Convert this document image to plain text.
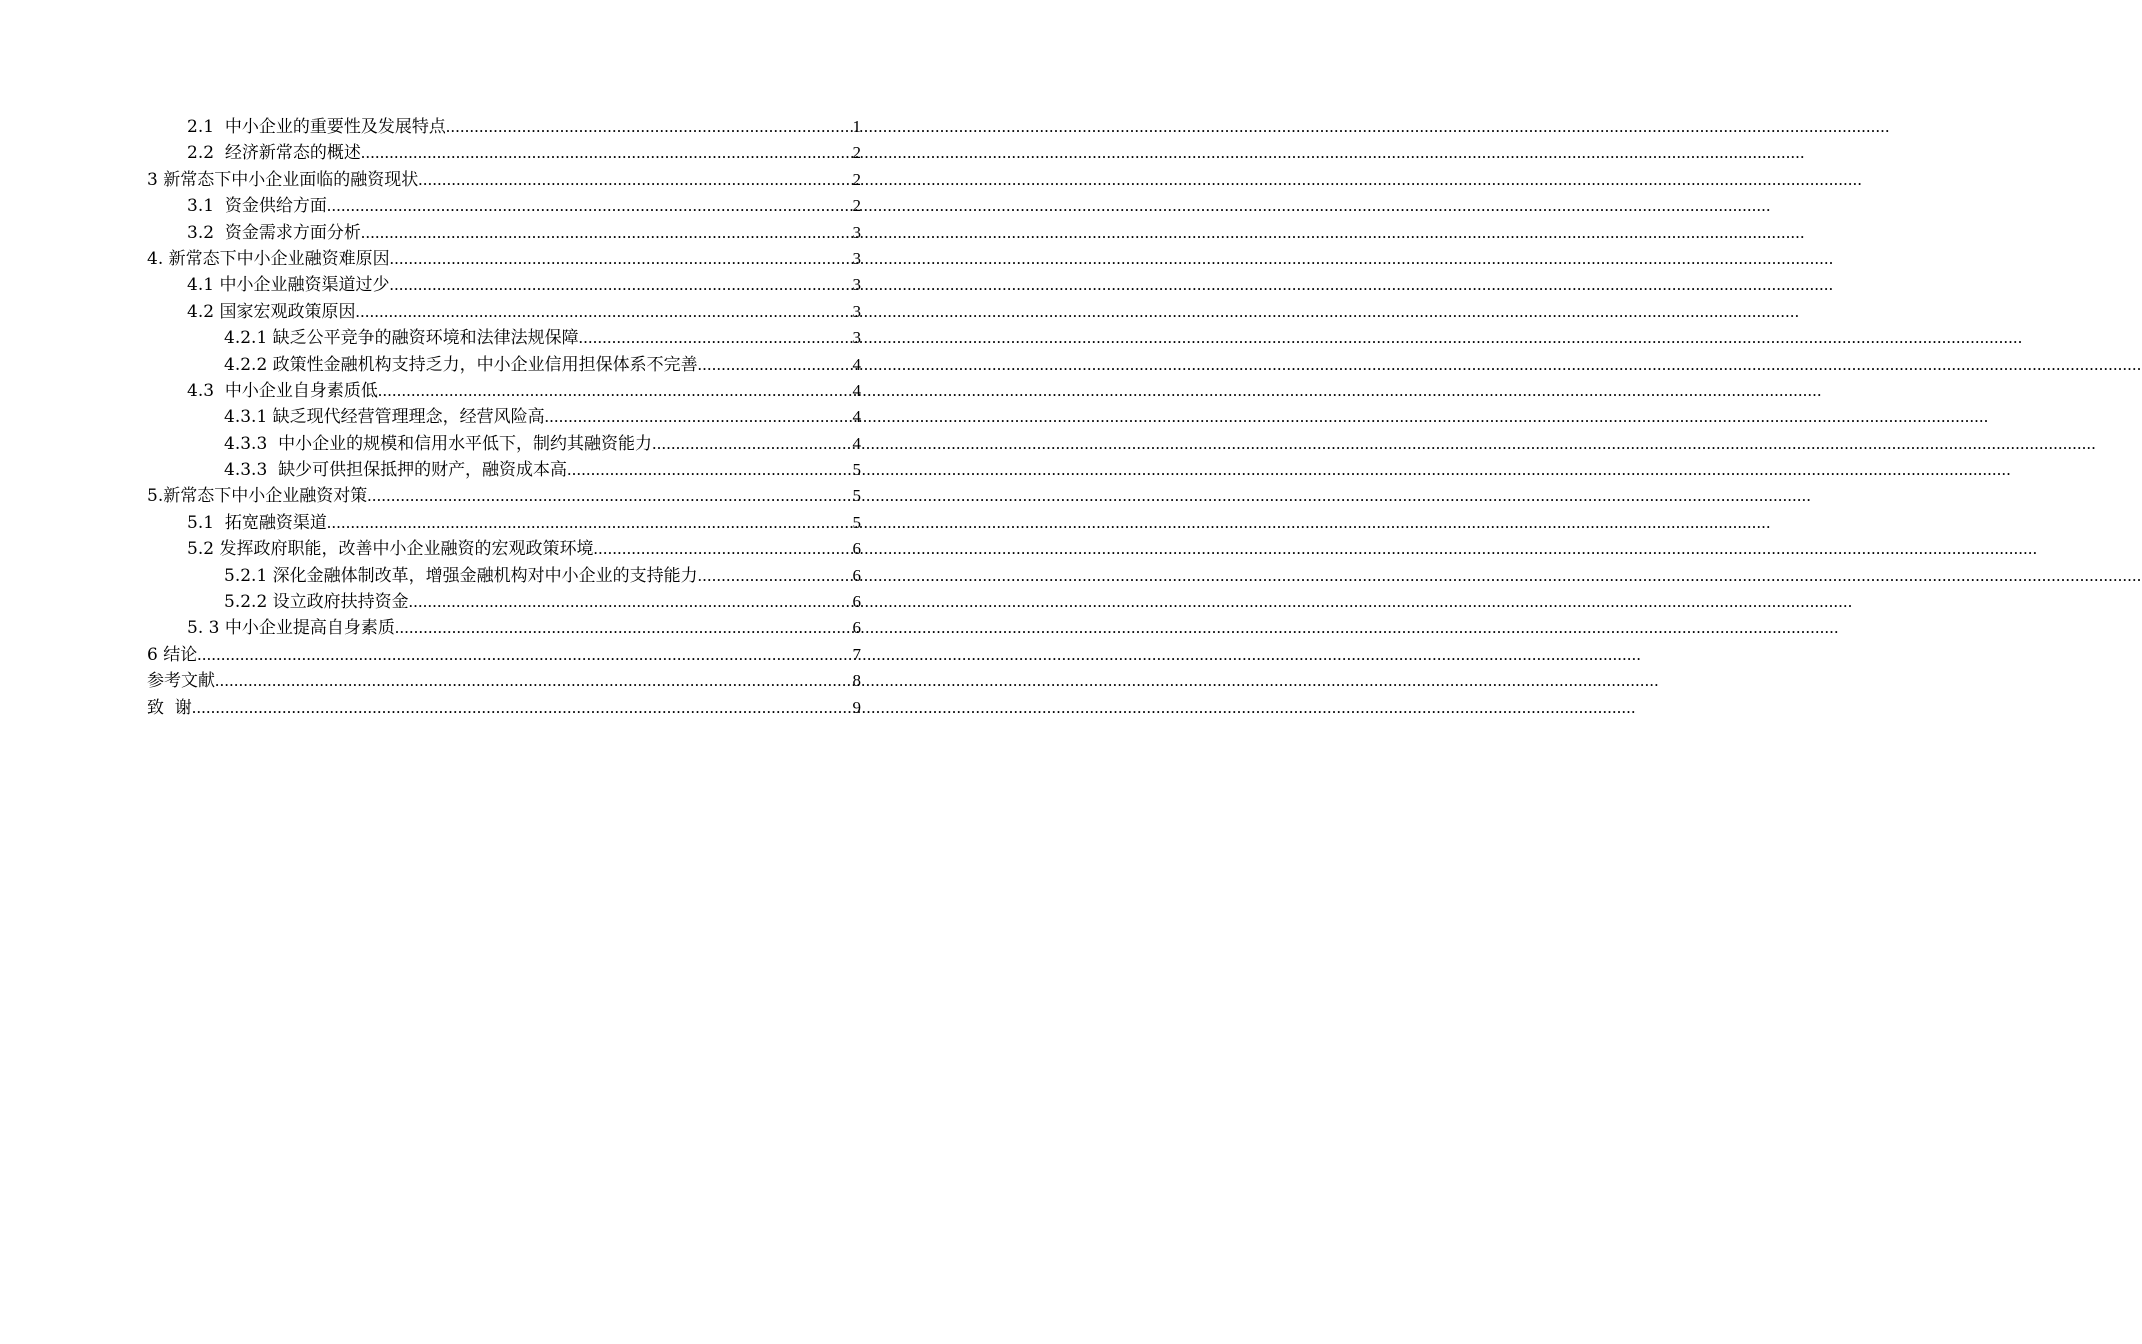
2.1  中小企业的重要性及发展特点 .....	1
2.2  经济新常态的概述 .....	2
3 新常态下中小企业面临的融资现状 .....	2
3.1  资金供给方面 .....	2
3.2  资金需求方面分析 .....	3
4. 新常态下中小企业融资难原因 .....	3
4.1 中小企业融资渠道过少 .....	3
4.2 国家宏观政策原因 .....	3
4.2.1 缺乏公平竞争的融资环境和法律法规保障 .....	3
4.2.2 政策性金融机构支持乏力，中小企业信用担保体系不完善 .....	4
4.3  中小企业自身素质低 .....	4
4.3.1 缺乏现代经营管理理念，经营风险高 .....	4
4.3.3  中小企业的规模和信用水平低下，制约其融资能力 .....	4
4.3.3  缺少可供担保抵押的财产，融资成本高 .....	5
5.新常态下中小企业融资对策 .....	5
5.1  拓宽融资渠道 .....	5
5.2 发挥政府职能，改善中小企业融资的宏观政策环境 .....	6
5.2.1 深化金融体制改革，增强金融机构对中小企业的支持能力 .....	6
5.2.2 设立政府扶持资金 .....	6
5. 3 中小企业提高自身素质 .....	6
6 结论 .....	7
参考文献 .....	8
致  谢 .....	9
